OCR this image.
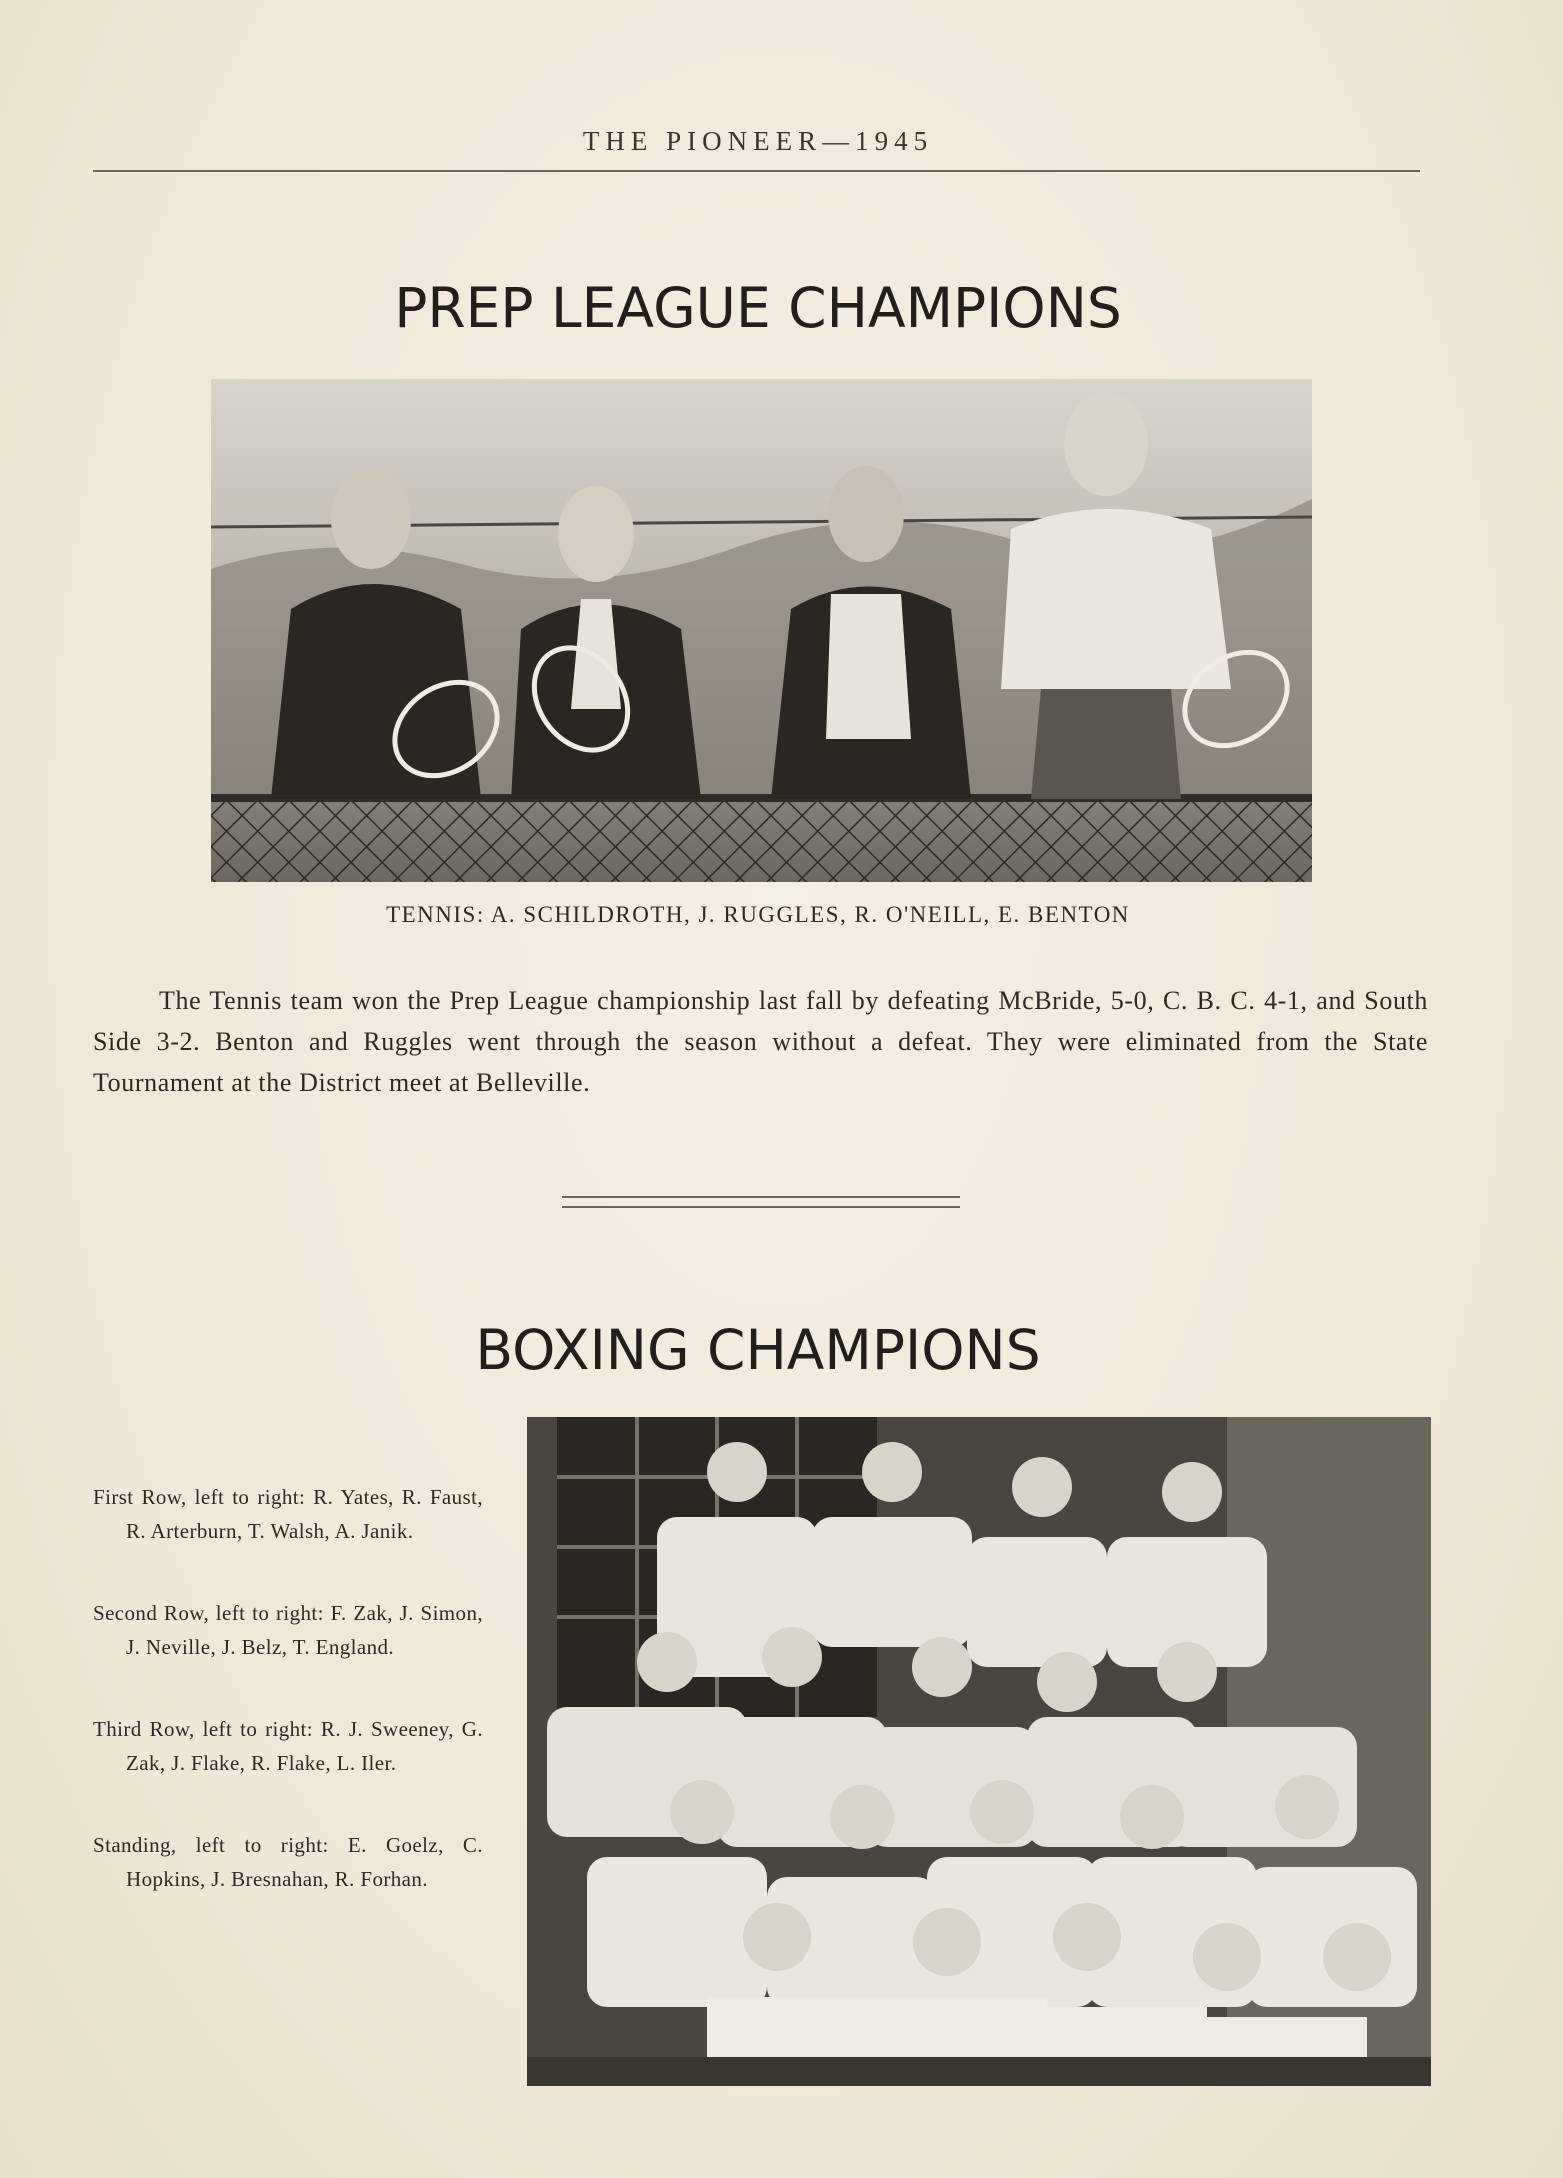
THE PIONEER—1945
PREP LEAGUE CHAMPIONS
TENNIS: A. SCHILDROTH, J. RUGGLES, R. O'NEILL, E. BENTON
The Tennis team won the Prep League championship last fall by defeating McBride, 5-0, C. B. C. 4-1, and South Side 3-2. Benton and Ruggles went through the season without a defeat. They were eliminated from the State Tournament at the District meet at Belleville.
BOXING CHAMPIONS
First Row, left to right: R. Yates, R. Faust, R. Arterburn, T. Walsh, A. Janik.
Second Row, left to right: F. Zak, J. Simon, J. Neville, J. Belz, T. England.
Third Row, left to right: R. J. Sweeney, G. Zak, J. Flake, R. Flake, L. Iler.
Standing, left to right: E. Goelz, C. Hopkins, J. Bresnahan, R. Forhan.
